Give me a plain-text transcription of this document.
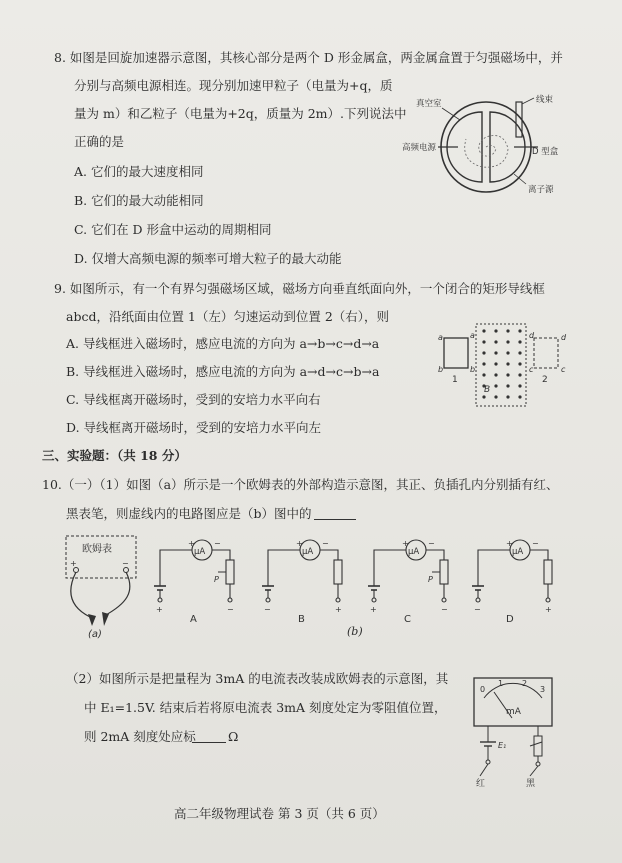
8. 如图是回旋加速器示意图，其核心部分是两个 D 形金属盒，两金属盒置于匀强磁场中，并
分别与高频电源相连。现分别加速甲粒子（电量为+q，质
量为 m）和乙粒子（电量为+2q，质量为 2m）.下列说法中
正确的是
A. 它们的最大速度相同
B. 它们的最大动能相同
C. 它们在 D 形盒中运动的周期相同
D. 仅增大高频电源的频率可增大粒子的最大动能
真空室	线束
高频电源	D 型盒
离子源
9. 如图所示，有一个有界匀强磁场区域，磁场方向垂直纸面向外，一个闭合的矩形导线框
abcd，沿纸面由位置 1（左）匀速运动到位置 2（右），则
A. 导线框进入磁场时，感应电流的方向为 a→b→c→d→a
B. 导线框进入磁场时，感应电流的方向为 a→d→c→b→a
C. 导线框离开磁场时，受到的安培力水平向右
D. 导线框离开磁场时，受到的安培力水平向左
a
b
a
b
d
c
d
c
1	2
B
三、实验题：（共 18 分）
10.（一）（1）如图（a）所示是一个欧姆表的外部构造示意图，其正、负插孔内分别插有红、
黑表笔，则虚线内的电路图应是（b）图中的
欧姆表
+	−
(a)
μA
+ −
+	−
P
μA
+ −
−	+
μA
+ −
+	−
P
μA
+ −
−	+
A	B	C	D
(b)
（2）如图所示是把量程为 3mA 的电流表改装成欧姆表的示意图，其
中 E₁=1.5V. 结束后若将原电流表 3mA 刻度处定为零阻值位置，
则 2mA 刻度处应标	Ω
0
1 2
3
mA
E₁
红	黑
高二年级物理试卷 第 3 页（共 6 页）
